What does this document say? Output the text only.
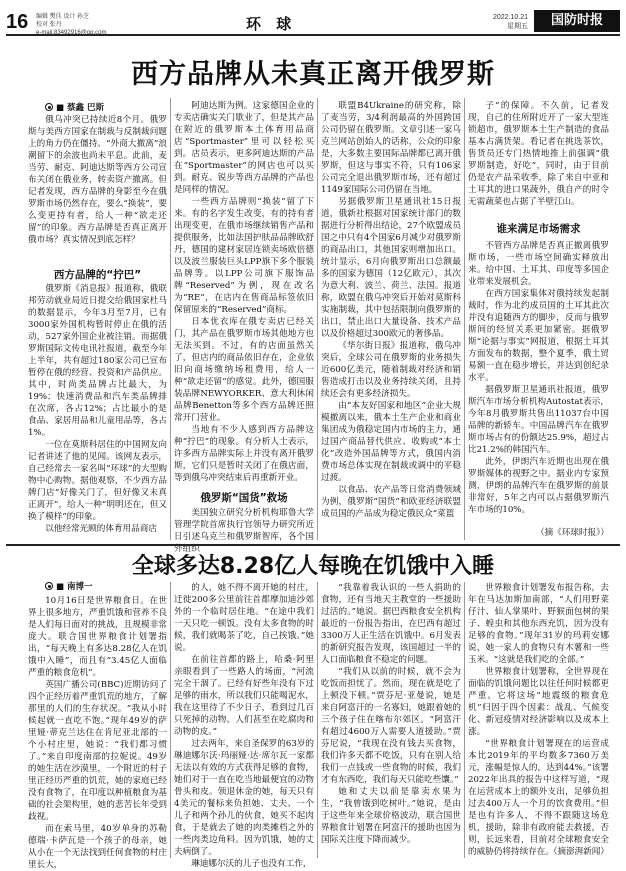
16 编辑 樊佳 设计 孙芝
校对 张丹
e-mail:83492916@qq.com	环 球	2022.10.21
星期五	国防时报
西方品牌从未真正离开俄罗斯
■ 蔡鑫 巴斯

俄乌冲突已持续近8个月。俄罗斯与美西方国家在制裁与反制裁问题上的角力仍在僵持。“外商大撤离”浪潮留下的余波也尚未平息。此前，麦当劳、耐克、阿迪达斯等西方公司宣布关闭在俄业务，转卖资产撤离。但记者发现，西方品牌的身影至今在俄罗斯市场仍然存在，要么“换装”，要么变更持有者，给人一种“欲走还留”的印象。西方品牌是否真正离开俄市场？真实情况到底怎样？

西方品牌的“拧巴”

俄罗斯《消息报》报道称，俄联邦劳动就业局近日提交给俄国家杜马的数据显示，今年3月至7月，已有3000家外国机构暂时停止在俄的活动，527家外国企业被注销。而据俄罗斯国际文传电讯社报道，截至今年上半年，共有超过180家公司已宣布暂停在俄的经营、投资和产品供应。其中，时尚类品牌占比最大，为19%；快速消费品和汽车类品牌排在次席，各占12%；占比最小的是食品、家居用品和儿童用品等，各占1%。

一位在莫斯科居住的中国网友向记者讲述了他的见闻。该网友表示，自己经常去一家名叫“环球”的大型购物中心购物。据他观察，不少西方品牌门店“好像关门了，但好像又未真正离开”，给人一种“明明还在，但又换了模样”的印象。

以他经常光顾的体育用品商店

阿迪达斯为例。这家德国企业的专卖店确实关门歇业了，但是其产品在附近的俄罗斯本土体育用品商店“Sportmaster”里可以轻松买到。店员表示，更多阿迪达斯的产品在“Sportmaster”的网店也可以买到。耐克、锐步等西方品牌的产品也是同样的情况。

一些西方品牌则“换装”留了下来。有的名字发生改变，有的持有者出现变更，在俄市场继续销售产品和提供服务，比如法国护肤品品牌欧舒丹，德国的建材家居连锁卖场欧倍德以及波兰服装巨头LPP旗下多个服装品牌等。以LPP公司旗下服饰品牌“Reserved”为例，现在改名为“RE”，在店内在售商品标签依旧保留原来的“Reserved”商标。

日本优衣库在俄专卖店已经关门，其产品在俄罗斯市场其他地方也无法买到。不过，有的店面虽然关了，但店内的商品依旧存在，企业依旧向商场缴纳场租费用，给人一种“欲走还留”的感觉。此外，德国服装品牌NEWYORKER、意大利休闲品牌Benetton等多个西方品牌还照常开门营业。

当地有不少人感到西方品牌这种“拧巴”的现象。有分析人士表示，许多西方品牌实际上并没有离开俄罗斯，它们只是暂时关闭了在俄店面，等到俄乌冲突结束后再重新开业。

俄罗斯“国货”救场

美国独立研究分析机构耶鲁大学管理学院首席执行官领导力研究所近日引述乌克兰和俄罗斯智库，各个国外组织

联盟B4Ukraine的研究称，除了麦当劳，3/4利润最高的外国跨国公司仍留在俄罗斯。文章引述一家乌克兰网站创始人的话称，公众的印象是，大多数主要国际品牌都已离开俄罗斯，但这与事实不符，只有106家公司完全退出俄罗斯市场，还有超过1149家国际公司仍留在当地。

另据俄罗斯卫星通讯社15日报道，俄新社根据对国家统计部门的数据进行分析得出结论，27个欧盟成员国之中只有4个国家6月减少对俄罗斯的商品出口，其他国家则增加出口。统计显示，6月向俄罗斯出口总额最多的国家为德国（12亿欧元），其次为意大利、波兰、荷兰、法国。报道称，欧盟在俄乌冲突后开始对莫斯科实施制裁，其中包括限制向俄罗斯的出口，禁止出口大量设备、技术产品以及价格超过300欧元的奢侈品。

《华尔街日报》报道称，俄乌冲突后，全球公司在俄罗斯的业务损失近600亿美元，随着制裁对经济和销售造成打击以及业务持续关闭，且持续还会有更多经济损失。

由“本友好国家和地区”企业大规模撤离以来，俄本土生产企业和商业集团成为俄稳定国内市场的主力，通过国产商品替代供应、收购或“本土化”改造外国品牌等方式，俄国内消费市场总体实现在制裁或调中的平稳过渡。

以食品、农产品等日常消费领域为例，俄罗斯“国货”和欧亚经济联盟成员国的产品成为稳定俄民众“菜篮

子”的保障。不久前，记者发现，自己的住所附近开了一家大型连锁超市，俄罗斯本土生产制造的食品基本占满货架。看记者在挑选茶饮，售货员还专门热情地推上前强调“俄罗斯制造，好吃”，同时，由于目前仍是农产品采收季，除了来自中亚和土耳其的进口果蔬外，俄自产的时令无需蔬菜也占据了半壁江山。

谁来满足市场需求

不管西方品牌是否真正撤离俄罗斯市场，一些市场空间确实释放出来。给中国、土耳其、印度等多国企业带来发展机会。

在西方国家集体对俄持续发起制裁时，作为北约成员国的土耳其此次并没有追随西方的脚步，反而与俄罗斯间的经贸关系更加紧密。据俄罗斯“论据与事实”网报道，根据土耳其方面发布的数据，整个夏季，俄土贸易额一直在稳步增长，并达到创纪录水平。

据俄罗斯卫星通讯社报道，俄罗斯汽车市场分析机构Autostat表示，今年8月俄罗斯共售出11037台中国品牌的新轿车。中国品牌汽车在俄罗斯市场占有的份额达25.9%，超过占比21.2%的韩国汽车。

此外，伊朗汽车近期也出现在俄罗斯媒体的视野之中。据业内专家预测，伊朗的品牌汽车在俄罗斯的前景非常好，5年之内可以占据俄罗斯汽车市场的10%。

（摘《环球时报》）
全球多达8.28亿人每晚在饥饿中入睡
■ 南博一

10月16日是世界粮食日。在世界上很多地方，严重饥饿和营养不良是人们每日面对的挑战，且规模非常庞大。联合国世界粮食计划署指出，“每天晚上有多达8.28亿人在饥饿中入睡”，而且有“3.45亿人面临严重的粮食危机”。

英国广播公司(BBC)近期访问了四个正经历着严重饥荒的地方，了解那里的人们的生存状况。“我从小时候起就一直吃不饱。”现年49岁的萨里娅·蒂克兰达住在肯尼亚北部的一个小村庄里，她说：“我们都习惯了。”来自印度南部的拉妮说。49岁的她生活在沙漠里，一个附近的村子里正经历严重的饥荒，她的家庭已经没有食物了，在印度以种植粮食为基础的社会架构里，她的悲苦长年受到歧视。

而在索马里，40岁单身的苏勒德瑞·卡萨瓦是一个孩子的母亲，她从小在一个无法找到任何食物的村庄里长大，

的人，她不得不离开她的村庄，迁徙200多公里前往首都摩加迪沙郊外的一个临时居住地。“在途中我们一天只吃一顿饭。没有太多食物的时候，我们就喝茶了吃，自己挨饿。”她说。

在前往首都的路上，哈桑·阿里亲眼看到了一些路人的场面，“河流完全干涸了。已经有好些年没有下过足够的雨水，所以我们只能喝泥水，我在这里待了不少日子，看到过几百只死掉的动物。人们甚至在吃腐肉和动物的皮。”

过去两年，来自圣保罗的63岁的琳迪娜尔沃·玛丽娅·达·席尔瓦一家都无法以有效的方式获得足够的食物，她们对于一直在吃当地最便宜的动物骨头和皮。领退休金的她，每天只有4美元的餐标来负担她、丈夫、一个儿子和两个孙儿的伙食，她买不起肉食，于是就去了她的肉类摊档之外的一些肉类边角料。因为饥饿，她的丈夫病倒了。

琳迪娜尔沃的儿子也没有工作，

“我靠着我认识的一些人捐助的食物，还有当地天主教堂的一些援助过活的。”她说。据巴西粮食安全机构最近的一份报告指出，在巴西有超过3300万人正生活在饥饿中。6月发表的新研究报告发现，该国超过一半的人口面临粮食不稳定的问题。

“我们从以前的时候，就不会为吃饭而担忧了。然而，现在就是吃了上顿没下顿。”贾芬尼·亚曼说，她是来自阿富汗的一名寡妇，她跟着她的三个孩子住在喀布尔郊区。“阿富汗有超过4600万人需要人道援助。”贾芬尼说，“我现在没有钱去买食物，我们许多天都不吃饭，只有在别人给我们一点钱或一些食物的时候，我们才有东西吃，我们每天只能吃些馕。”

她和丈夫以前是靠卖水果为生，“我曾饿到吃树叶。”她说，是由于这些年来全球价格波动，联合国世界粮食计划署在阿富汗的援助也因为国际关注度下降而减少。

世界粮食计划署发布报告称，去年在马达加斯加南部，“人们用野菜仔汁、仙人掌果叶、野猴面包树的果子、蝗虫和其他东西充饥，因为没有足够的食物。”现年31岁的玛莉安娜说，她一家人的食物只有木薯和一些玉米。“这就是我们吃的全部。”

世界粮食计划署称，全世界现在面临的饥饿问题比以往任何时候都更严重。它将这场“地震级的粮食危机”归因于四个因素：战乱、气候变化、新冠疫情对经济影响以及成本上涨。

“世界粮食计划署现在的运营成本比2019年的平均数多7360万美元，涨幅是惊人的，达到44%。”该署2022年出具的报告中这样写道，“现在运营成本上的额外支出，足够负担过去400万人一个月的饮食费用。”但是也有许多人，不得不跟随这场危机，援助，除非有政府能去救援，否则，长远来看，目前对全球粮食安全的威胁仍将持续存在。

（摘澎湃新闻）
